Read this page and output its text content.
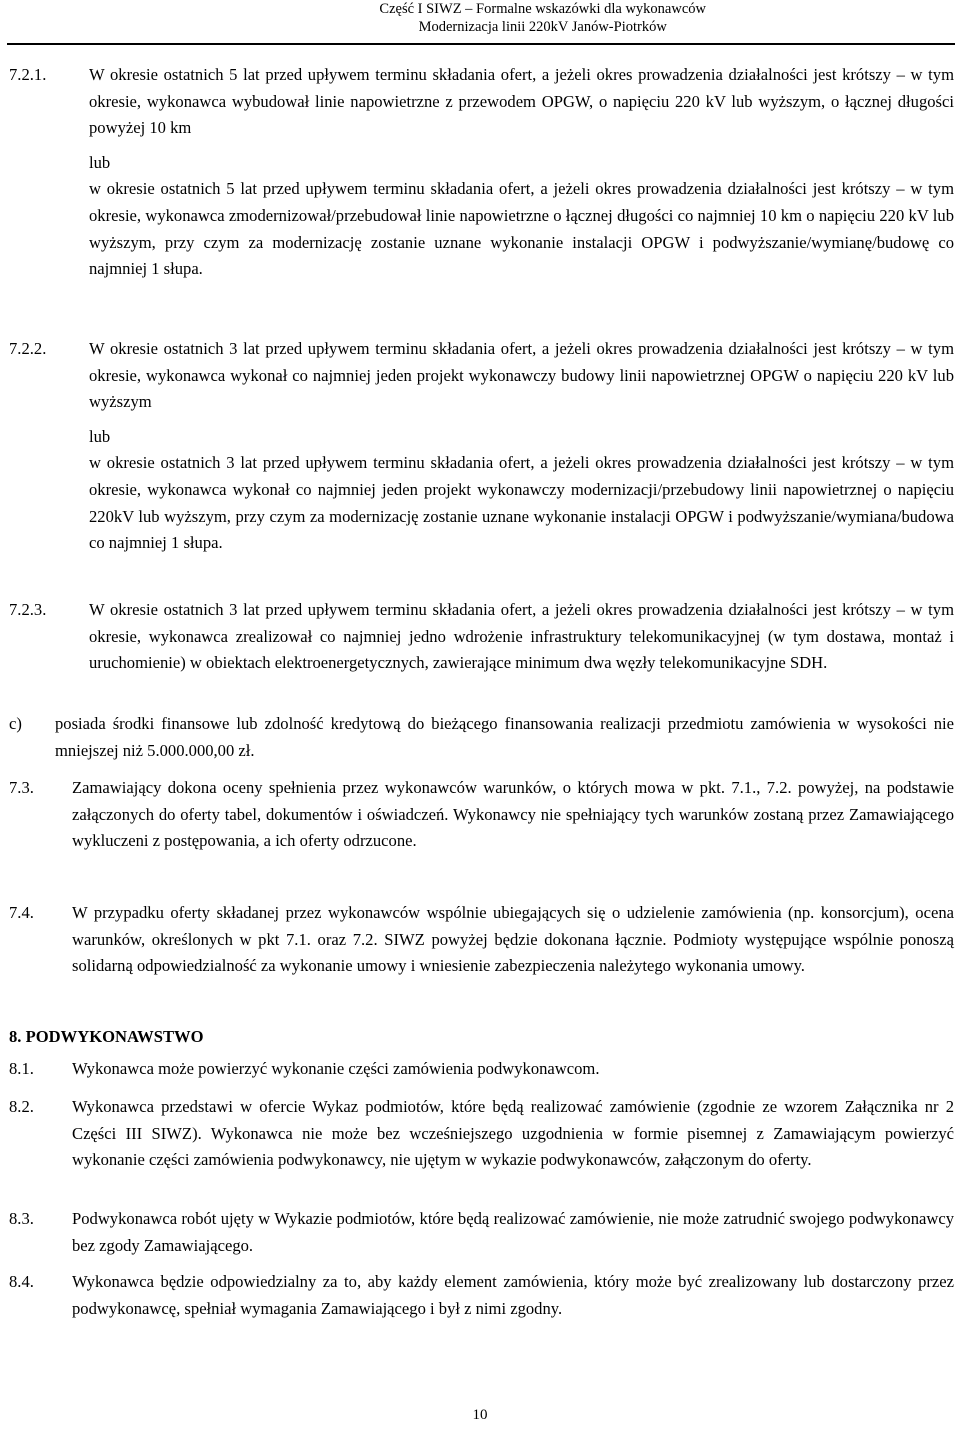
Część I SIWZ – Formalne wskazówki dla wykonawców
Modernizacja linii 220kV Janów-Piotrków
7.2.1.	W okresie ostatnich 5 lat przed upływem terminu składania ofert, a jeżeli okres prowadzenia działalności jest krótszy – w tym okresie, wykonawca wybudował linie napowietrzne z przewodem OPGW, o napięciu 220 kV lub wyższym, o łącznej długości powyżej 10 km

lub

w okresie ostatnich 5 lat przed upływem terminu składania ofert, a jeżeli okres prowadzenia działalności jest krótszy – w tym okresie, wykonawca zmodernizował/przebudował linie napowietrzne o łącznej długości co najmniej 10 km o napięciu 220 kV lub wyższym, przy czym za modernizację zostanie uznane wykonanie instalacji OPGW i podwyższanie/wymianę/budowę co najmniej 1 słupa.

7.2.2.	W okresie ostatnich 3 lat przed upływem terminu składania ofert, a jeżeli okres prowadzenia działalności jest krótszy – w tym okresie, wykonawca wykonał co najmniej jeden projekt wykonawczy budowy linii napowietrznej OPGW o napięciu 220 kV lub wyższym

lub

w okresie ostatnich 3 lat przed upływem terminu składania ofert, a jeżeli okres prowadzenia działalności jest krótszy – w tym okresie, wykonawca wykonał co najmniej jeden projekt wykonawczy modernizacji/przebudowy linii napowietrznej o napięciu 220kV lub wyższym, przy czym za modernizację zostanie uznane wykonanie instalacji OPGW i podwyższanie/wymiana/budowa co najmniej 1 słupa.

7.2.3.	W okresie ostatnich 3 lat przed upływem terminu składania ofert, a jeżeli okres prowadzenia działalności jest krótszy – w tym okresie, wykonawca zrealizował co najmniej jedno wdrożenie infrastruktury telekomunikacyjnej (w tym dostawa, montaż i uruchomienie) w obiektach elektroenergetycznych, zawierające minimum dwa węzły telekomunikacyjne SDH.

c) posiada środki finansowe lub zdolność kredytową do bieżącego finansowania realizacji przedmiotu zamówienia w wysokości nie mniejszej niż 5.000.000,00 zł.

7.3. Zamawiający dokona oceny spełnienia przez wykonawców warunków, o których mowa w pkt. 7.1., 7.2. powyżej, na podstawie załączonych do oferty tabel, dokumentów i oświadczeń. Wykonawcy nie spełniający tych warunków zostaną przez Zamawiającego wykluczeni z postępowania, a ich oferty odrzucone.

7.4. W przypadku oferty składanej przez wykonawców wspólnie ubiegających się o udzielenie zamówienia (np. konsorcjum), ocena warunków, określonych w pkt 7.1. oraz 7.2. SIWZ powyżej będzie dokonana łącznie. Podmioty występujące wspólnie ponoszą solidarną odpowiedzialność za wykonanie umowy i wniesienie zabezpieczenia należytego wykonania umowy.

8. PODWYKONAWSTWO
8.1. Wykonawca może powierzyć wykonanie części zamówienia podwykonawcom.

8.2. Wykonawca przedstawi w ofercie Wykaz podmiotów, które będą realizować zamówienie (zgodnie ze wzorem Załącznika nr 2 Części III SIWZ). Wykonawca nie może bez wcześniejszego uzgodnienia w formie pisemnej z Zamawiającym powierzyć wykonanie części zamówienia podwykonawcy, nie ujętym w wykazie podwykonawców, załączonym do oferty.

8.3. Podwykonawca robót ujęty w Wykazie podmiotów, które będą realizować zamówienie, nie może zatrudnić swojego podwykonawcy bez zgody Zamawiającego.

8.4. Wykonawca będzie odpowiedzialny za to, aby każdy element zamówienia, który może być zrealizowany lub dostarczony przez podwykonawcę, spełniał wymagania Zamawiającego i był z nimi zgodny.

10
